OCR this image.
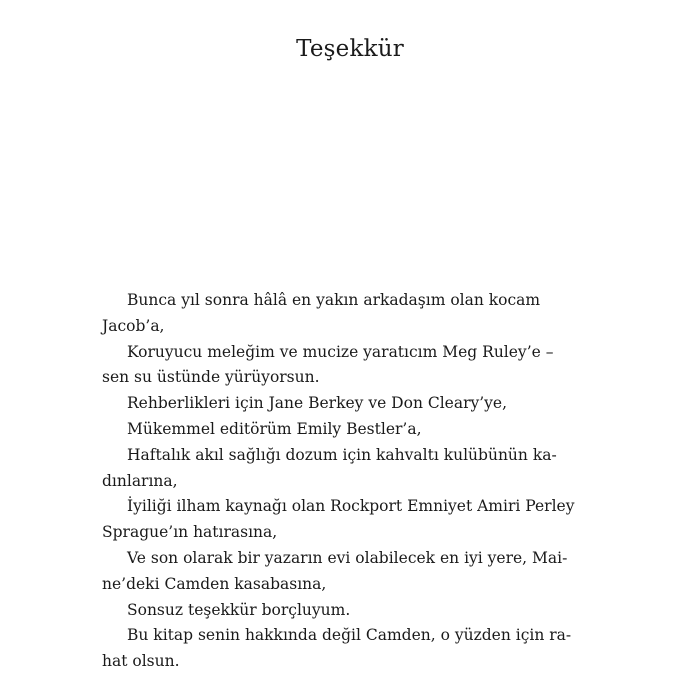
Teşekkür
Bunca yıl sonra hâlâ en yakın arkadaşım olan kocam
Jacob’a,
Koruyucu meleğim ve mucize yaratıcım Meg Ruley’e –
sen su üstünde yürüyorsun.
Rehberlikleri için Jane Berkey ve Don Cleary’ye,
Mükemmel editörüm Emily Bestler’a,
Haftalık akıl sağlığı dozum için kahvaltı kulübünün ka-
dınlarına,
İyiliği ilham kaynağı olan Rockport Emniyet Amiri Perley
Sprague’ın hatırasına,
Ve son olarak bir yazarın evi olabilecek en iyi yere, Mai-
ne’deki Camden kasabasına,
Sonsuz teşekkür borçluyum.
Bu kitap senin hakkında değil Camden, o yüzden için ra-
hat olsun.
